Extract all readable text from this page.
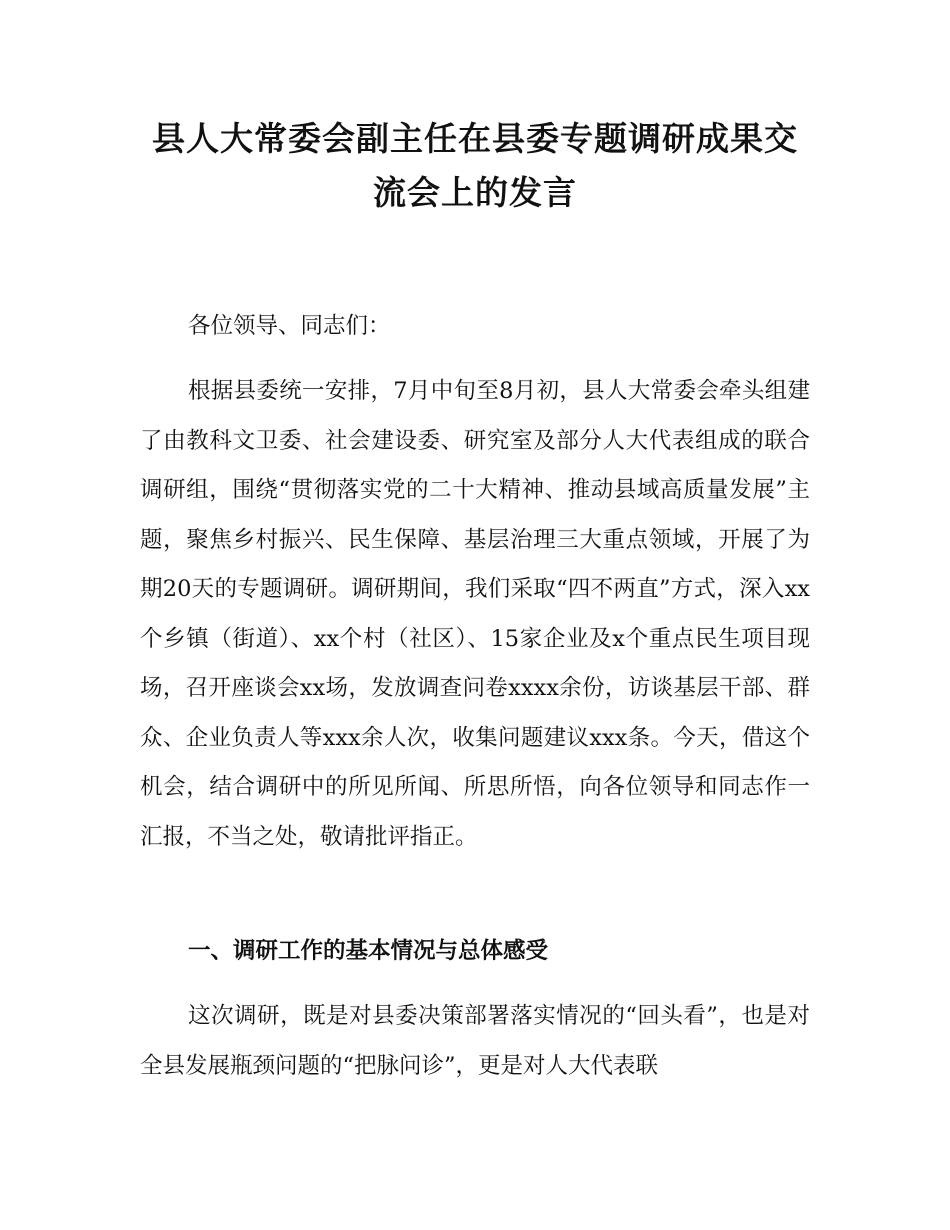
县人大常委会副主任在县委专题调研成果交流会上的发言

各位领导、同志们：

根据县委统一安排，7月中旬至8月初，县人大常委会牵头组建了由教科文卫委、社会建设委、研究室及部分人大代表组成的联合调研组，围绕“贯彻落实党的二十大精神、推动县域高质量发展”主题，聚焦乡村振兴、民生保障、基层治理三大重点领域，开展了为期20天的专题调研。调研期间，我们采取“四不两直”方式，深入xx个乡镇（街道）、xx个村（社区）、15家企业及x个重点民生项目现场，召开座谈会xx场，发放调查问卷xxxx余份，访谈基层干部、群众、企业负责人等xxx余人次，收集问题建议xxx条。今天，借这个机会，结合调研中的所见所闻、所思所悟，向各位领导和同志作一汇报，不当之处，敬请批评指正。

一、调研工作的基本情况与总体感受

这次调研，既是对县委决策部署落实情况的“回头看”，也是对全县发展瓶颈问题的“把脉问诊”，更是对人大代表联
